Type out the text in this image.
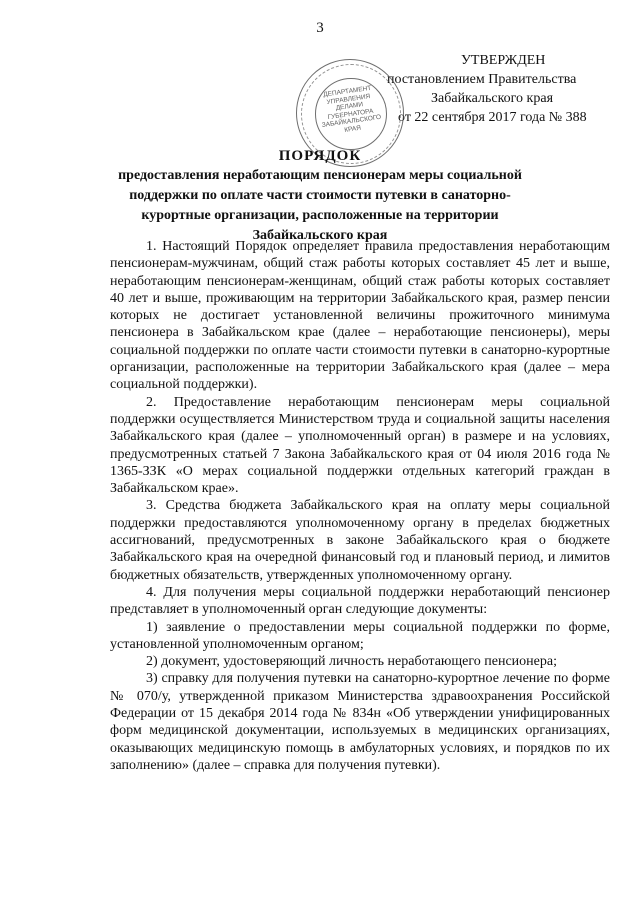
3
УТВЕРЖДЕН
постановлением Правительства
Забайкальского края
от 22 сентября 2017 года № 388
ДЕПАРТАМЕНТ УПРАВЛЕНИЯ ДЕЛАМИ ГУБЕРНАТОРА ЗАБАЙКАЛЬСКОГО КРАЯ
ПОРЯДОК
предоставления неработающим пенсионерам меры социальной поддержки по оплате части стоимости путевки в санаторно-курортные организации, расположенные на территории Забайкальского края

1. Настоящий Порядок определяет правила предоставления неработающим пенсионерам-мужчинам, общий стаж работы которых составляет 45 лет и выше, неработающим пенсионерам-женщинам, общий стаж работы которых составляет 40 лет и выше, проживающим на территории Забайкальского края, размер пенсии которых не достигает установленной величины прожиточного минимума пенсионера в Забайкальском крае (далее – неработающие пенсионеры), меры социальной поддержки по оплате части стоимости путевки в санаторно-курортные организации, расположенные на территории Забайкальского края (далее – мера социальной поддержки).

2. Предоставление неработающим пенсионерам меры социальной поддержки осуществляется Министерством труда и социальной защиты населения Забайкальского края (далее – уполномоченный орган) в размере и на условиях, предусмотренных статьей 7 Закона Забайкальского края от 04 июля 2016 года № 1365-ЗЗК «О мерах социальной поддержки отдельных категорий граждан в Забайкальском крае».

3. Средства бюджета Забайкальского края на оплату меры социальной поддержки предоставляются уполномоченному органу в пределах бюджетных ассигнований, предусмотренных в законе Забайкальского края о бюджете Забайкальского края на очередной финансовый год и плановый период, и лимитов бюджетных обязательств, утвержденных уполномоченному органу.

4. Для получения меры социальной поддержки неработающий пенсионер представляет в уполномоченный орган следующие документы:

1) заявление о предоставлении меры социальной поддержки по форме, установленной уполномоченным органом;

2) документ, удостоверяющий личность неработающего пенсионера;

3) справку для получения путевки на санаторно-курортное лечение по форме № 070/у, утвержденной приказом Министерства здравоохранения Российской Федерации от 15 декабря 2014 года № 834н «Об утверждении унифицированных форм медицинской документации, используемых в медицинских организациях, оказывающих медицинскую помощь в амбулаторных условиях, и порядков по их заполнению» (далее – справка для получения путевки).
